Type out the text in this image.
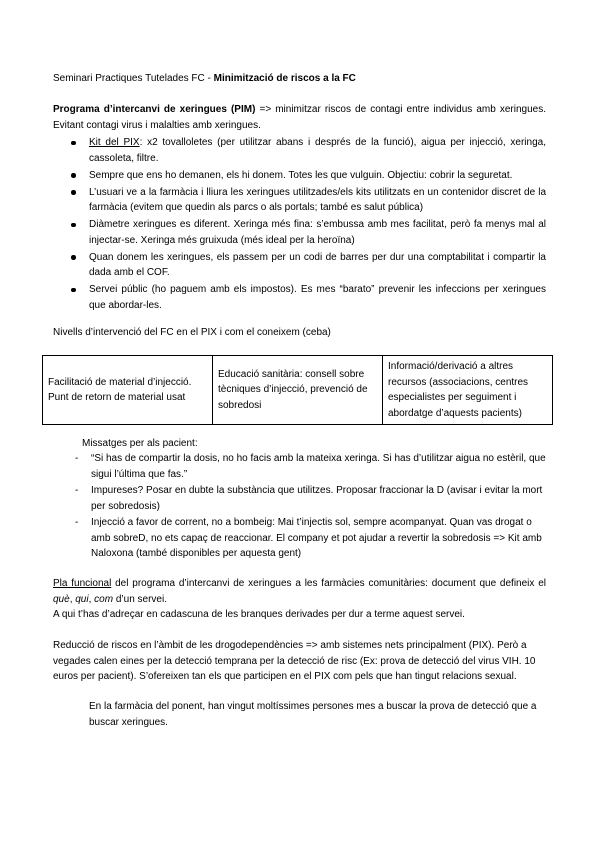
Seminari Practiques Tutelades FC - Minimització de riscos a la FC

Programa d’intercanvi de xeringues (PIM) => minimitzar riscos de contagi entre individus amb xeringues. Evitant contagi virus i malalties amb xeringues.

Kit del PIX: x2 tovalloletes (per utilitzar abans i després de la funció), aigua per injecció, xeringa, cassoleta, filtre.
Sempre que ens ho demanen, els hi donem. Totes les que vulguin. Objectiu: cobrir la seguretat.
L’usuari ve a la farmàcia i lliura les xeringues utilitzades/els kits utilitzats en un contenidor discret de la farmàcia (evitem que quedin als parcs o als portals; també es salut pública)
Diàmetre xeringues es diferent. Xeringa més fina: s’embussa amb mes facilitat, però fa menys mal al injectar-se. Xeringa més gruixuda (més ideal per la heroïna)
Quan donem les xeringues, els passem per un codi de barres per dur una comptabilitat i compartir la dada amb el COF.
Servei públic (ho paguem amb els impostos). Es mes “barato” prevenir les infeccions per xeringues que abordar-les.

Nivells d’intervenció del FC en el PIX i com el coneixem (ceba)

Facilitació de material d’injecció. Punt de retorn de material usat	Educació sanitària: consell sobre tècniques d’injecció, prevenció de sobredosi	Informació/derivació a altres recursos (associacions, centres especialistes per seguiment i abordatge d’aquests pacients)

Missatges per als pacient:

- “Si has de compartir la dosis, no ho facis amb la mateixa xeringa. Si has d’utilitzar aigua no estèril, que sigui l’última que fas.”
- Impureses? Posar en dubte la substància que utilitzes. Proposar fraccionar la D (avisar i evitar la mort per sobredosis)
- Injecció a favor de corrent, no a bombeig: Mai t’injectis sol, sempre acompanyat. Quan vas drogat o amb sobreD, no ets capaç de reaccionar. El company et pot ajudar a revertir la sobredosis => Kit amb Naloxona (també disponibles per aquesta gent)

Pla funcional del programa d’intercanvi de xeringues a les farmàcies comunitàries: document que defineix el què, qui, com d’un servei.
A qui t’has d’adreçar en cadascuna de les branques derivades per dur a terme aquest servei.

Reducció de riscos en l’àmbit de les drogodependències => amb sistemes nets principalment (PIX). Però a vegades calen eines per la detecció temprana per la detecció de risc (Ex: prova de detecció del virus VIH. 10 euros per pacient). S’ofereixen tan els que participen en el PIX com pels que han tingut relacions sexual.

En la farmàcia del ponent, han vingut moltíssimes persones mes a buscar la prova de detecció que a buscar xeringues.
